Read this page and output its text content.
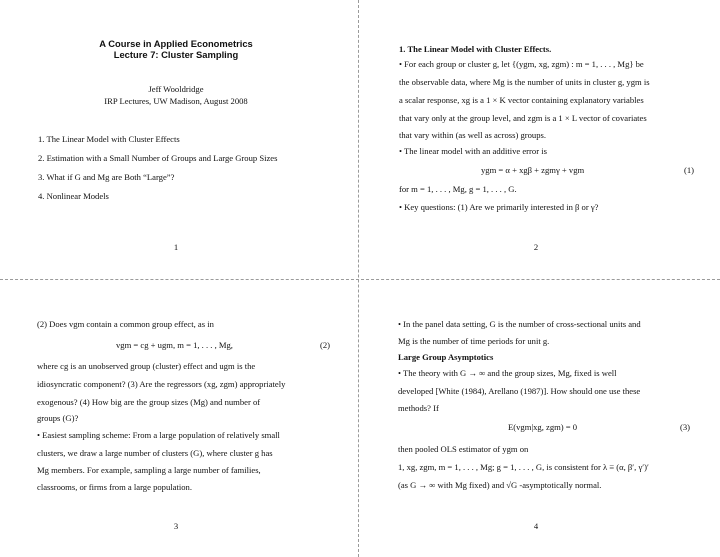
A Course in Applied Econometrics
Lecture 7: Cluster Sampling
Jeff Wooldridge
IRP Lectures, UW Madison, August 2008
1. The Linear Model with Cluster Effects
2. Estimation with a Small Number of Groups and Large Group Sizes
3. What if G and Mg are Both “Large”?
4. Nonlinear Models
1
1. The Linear Model with Cluster Effects.
• For each group or cluster g, let {(ygm, xg, zgm) : m = 1, . . . , Mg} be
the observable data, where Mg is the number of units in cluster g, ygm is
a scalar response, xg is a 1 × K vector containing explanatory variables
that vary only at the group level, and zgm is a 1 × L vector of covariates
that vary within (as well as across) groups.
• The linear model with an additive error is
ygm = α + xgβ + zgmγ + vgm	(1)
for m = 1, . . . , Mg, g = 1, . . . , G.
• Key questions: (1) Are we primarily interested in β or γ?
2
(2) Does vgm contain a common group effect, as in
vgm = cg + ugm, m = 1, . . . , Mg,	(2)
where cg is an unobserved group (cluster) effect and ugm is the
idiosyncratic component? (3) Are the regressors (xg, zgm) appropriately
exogenous? (4) How big are the group sizes (Mg) and number of
groups (G)?
• Easiest sampling scheme: From a large population of relatively small
clusters, we draw a large number of clusters (G), where cluster g has
Mg members. For example, sampling a large number of families,
classrooms, or firms from a large population.
3
• In the panel data setting, G is the number of cross-sectional units and
Mg is the number of time periods for unit g.
Large Group Asymptotics
• The theory with G → ∞ and the group sizes, Mg, fixed is well
developed [White (1984), Arellano (1987)]. How should one use these
methods? If
E(vgm|xg, zgm) = 0	(3)
then pooled OLS estimator of ygm on
1, xg, zgm, m = 1, . . . , Mg; g = 1, . . . , G, is consistent for λ ≡ (α, β′, γ′)′
(as G → ∞ with Mg fixed) and √G -asymptotically normal.
4
